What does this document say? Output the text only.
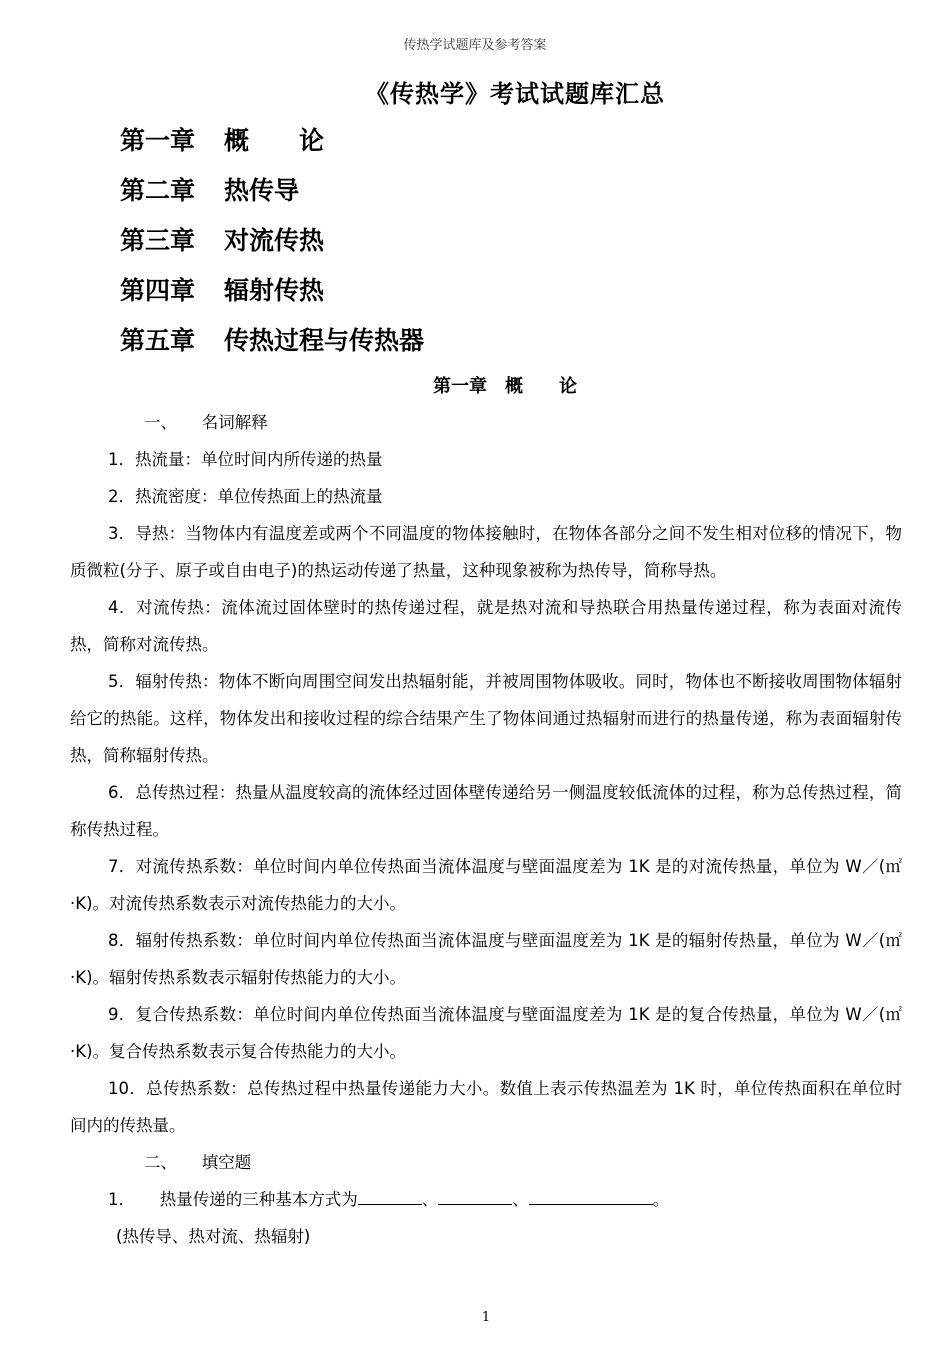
传热学试题库及参考答案
《传热学》考试试题库汇总
第一章	概　　论
第二章	热传导
第三章	对流传热
第四章	辐射传热
第五章	传热过程与传热器
第一章　概　　论
一、　　名词解释

1．热流量：单位时间内所传递的热量

2．热流密度：单位传热面上的热流量

3．导热：当物体内有温度差或两个不同温度的物体接触时，在物体各部分之间不发生相对位移的情况下，物质微粒(分子、原子或自由电子)的热运动传递了热量，这种现象被称为热传导，简称导热。

4．对流传热：流体流过固体壁时的热传递过程，就是热对流和导热联合用热量传递过程，称为表面对流传热，简称对流传热。

5．辐射传热：物体不断向周围空间发出热辐射能，并被周围物体吸收。同时，物体也不断接收周围物体辐射给它的热能。这样，物体发出和接收过程的综合结果产生了物体间通过热辐射而进行的热量传递，称为表面辐射传热，简称辐射传热。

6．总传热过程：热量从温度较高的流体经过固体壁传递给另一侧温度较低流体的过程，称为总传热过程，简称传热过程。

7．对流传热系数：单位时间内单位传热面当流体温度与壁面温度差为 1K 是的对流传热量，单位为 W／(㎡·K)。对流传热系数表示对流传热能力的大小。

8．辐射传热系数：单位时间内单位传热面当流体温度与壁面温度差为 1K 是的辐射传热量，单位为 W／(㎡·K)。辐射传热系数表示辐射传热能力的大小。

9．复合传热系数：单位时间内单位传热面当流体温度与壁面温度差为 1K 是的复合传热量，单位为 W／(㎡·K)。复合传热系数表示复合传热能力的大小。

10．总传热系数：总传热过程中热量传递能力大小。数值上表示传热温差为 1K 时，单位传热面积在单位时间内的传热量。

二、　　填空题

1．　　热量传递的三种基本方式为	、	、	。

(热传导、热对流、热辐射)
1
